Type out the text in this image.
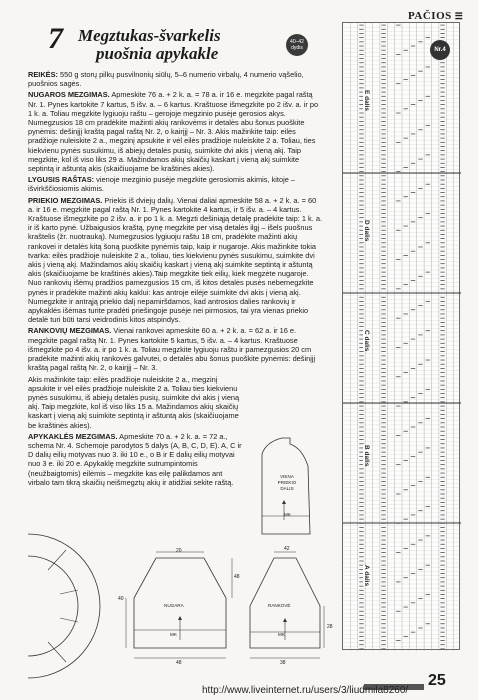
7 Megztukas-švarkelis
puošnia apykakle
40–42
dydis
PAČIOS ☰

REIKĖS: 550 g storų pilkų pusvilnonių siūlų, 5–6 numerio virbalų, 4 numerio vąšelio, puošnios sagės.

NUGAROS MEZGIMAS. Apmeskite 76 a. + 2 k. a. = 78 a. ir 16 e. megzkite pagal raštą Nr. 1. Pynes kartokite 7 kartus, 5 išv. a. – 6 kartus. Kraštuose išmegzkite po 2 išv. a. ir po 1 k. a. Toliau megzkite lygiuoju raštu – gerojoje megzinio pusėje gerosios akys. Numegzusios 18 cm pradėkite mažinti akių rankovėms ir detalės abu šonus puoškite pynėmis: dešinįjį kraštą pagal raštą Nr. 2, o kairįjį – Nr. 3. Akis mažinkite taip: eilės pradžioje nuleiskite 2 a., megzinį apsukite ir vėl eilės pradžioje nuleiskite 2 a. Toliau, ties kiekvienu pynės susukimu, iš abiejų detalės pusių, suimkite dvi akis į vieną akį. Taip megzkite, kol iš viso liks 29 a. Mažindamos akių skaičių kaskart į vieną akį suimkite septintą ir aštuntą akis (skaičiuojame be kraštinės akies).

LYGUSIS RAŠTAS: vienoje mezginio pusėje megzkite gerosiomis akimis, kitoje – išvirkščiosiomis akimis.

PRIEKIO MEZGIMAS. Priekis iš dviejų dalių. Vienai daliai apmeskite 58 a. + 2 k. a. = 60 a. ir 16 e. megzkite pagal raštą Nr. 1. Pynes kartokite 4 kartus, ir 5 išv. a. – 4 kartus. Kraštuose išmegzkite po 2 išv. a. ir po 1 k. a. Megzti dešiniąją detalę pradėkite taip: 1 k. a. ir iš karto pynė. Užbaigusios kraštą, pynę megzkite per visą detalės ilgį – išels puošnus kraštelis (žr. nuotrauką). Numegzusios lygiuoju raštu 18 cm, pradėkite mažinti akių rankovei ir detalės kitą šoną puoškite pynėmis taip, kaip ir nugaroje. Akis mažinkite tokia tvarka: eilės pradžioje nuleiskite 2 a., toliau, ties kiekvienu pynės susukimu, suimkite dvi akis į vieną akį. Mažindamos akių skaičių kaskart į vieną akį suimkite septintą ir aštuntą akis (skaičiuojame be kraštinės akies).Taip megzkite tiek eilių, kiek megzėte nugaroje. Nuo rankovių išėmų pradžios pamezgusios 15 cm, iš kitos detalės pusės nebemegzkite pynės ir pradėkite mažinti akių kaklui: kas antroje eilėje suimkite dvi akis į vieną akį. Numegzkite ir antrąją priekio dalį nepamiršdamos, kad antrosios dalies rankovių ir apykaklės išėmas turite pradėti priešingoje pusėje nei pirmosios, tai yra vienas priekio detalė turi būti tarsi veidrodinis kitos atspindys.

RANKOVIŲ MEZGIMAS. Vienai rankovei apmeskite 60 a. + 2 k. a. = 62 a. ir 16 e. megzkite pagal raštą Nr. 1. Pynes kartokite 5 kartus, 5 išv. a. – 4 kartus. Kraštuose išmegzkite po 4 išv. a. ir po 1 k. a. Toliau megzkite lygiuoju raštu ir pamezgusios 20 cm pradėkite mažinti akių rankovės galvutei, o detalės abu šonus puoškite pynėmis: dešinįjį kraštą pagal raštą Nr. 2, o kairįjį – Nr. 3.

Akis mažinkite taip: eilės pradžioje nuleiskite 2 a., megzinį apsukite ir vėl eilės pradžioje nuleiskite 2 a. Toliau ties kiekvienu pynės susukimu, iš abiejų detalės pusių, suimkite dvi akis į vieną akį. Taip megzkite, kol iš viso liks 15 a. Mažindamos akių skaičių kaskart į vieną akį suimkite septintą ir aštuntą akis (skaičiuojame be kraštinės akies).

APYKAKLĖS MEZGIMAS. Apmeskite 70 a. + 2 k. a. = 72 a., schema Nr. 4. Schemoje parodytos 5 dalys (A, B, C, D, E). A, C ir D dalių eilių motyvas nuo 3. iki 10 e., o B ir E dalių eilių motyvai nuo 3 e. iki 20 e. Apykaklę megzkite sutrumpintomis (neužbaigtomis) eilėmis – megzkite kas eilę palikdamos ant virbalo tam tikrą skaičių neišmegztų akių ir atidžiai sekite raštą.

VIENA
PRIEKIO
DALIS
MK
NUGARA
MK
20
40
48
48
RANKOVĖ
MK
42
28
38
Nr.4
E dalis
D dalis
C dalis
B dalis
A dalis
25
http://www.liveinternet.ru/users/3/liudmila8260/
